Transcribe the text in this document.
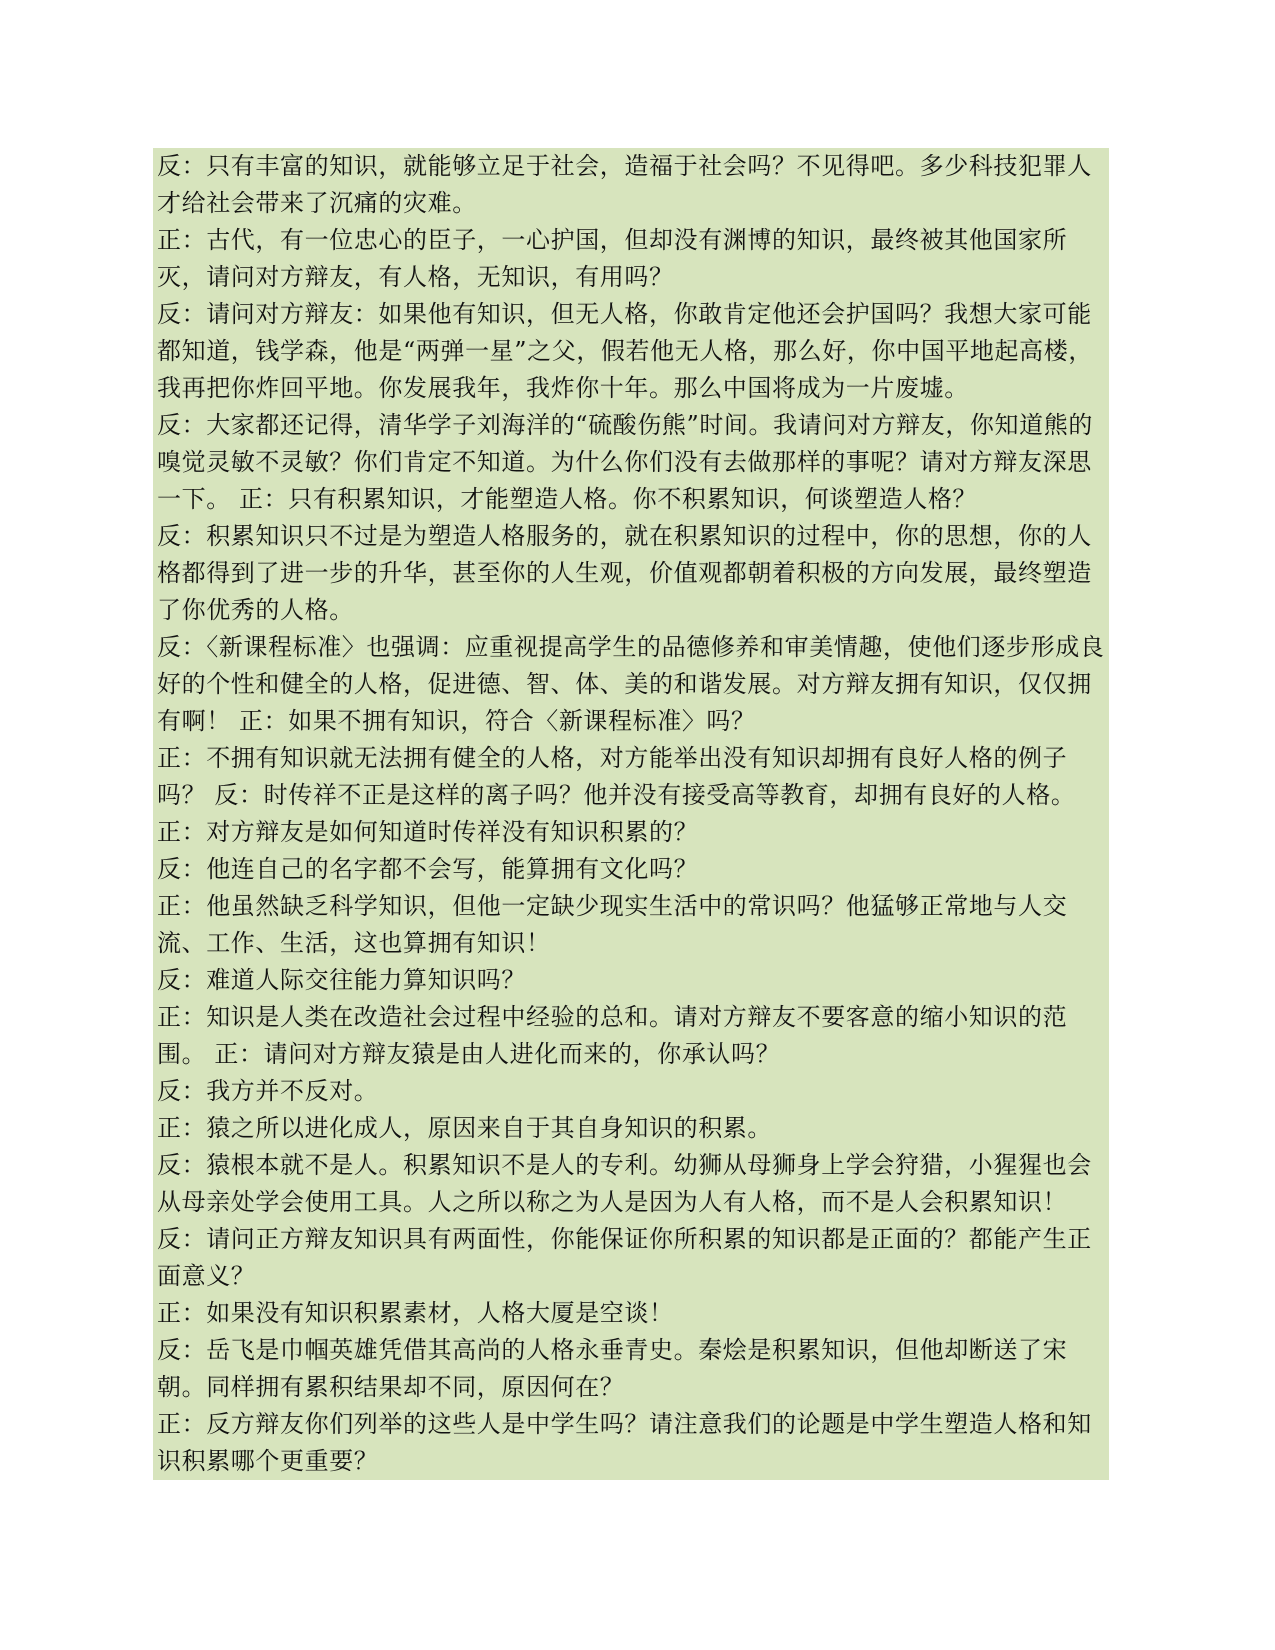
反：只有丰富的知识，就能够立足于社会，造福于社会吗？不见得吧。多少科技犯罪人才给社会带来了沉痛的灾难。

正：古代，有一位忠心的臣子，一心护国，但却没有渊博的知识，最终被其他国家所灭，请问对方辩友，有人格，无知识，有用吗？

反：请问对方辩友：如果他有知识，但无人格，你敢肯定他还会护国吗？我想大家可能都知道，钱学森，他是“两弹一星”之父，假若他无人格，那么好，你中国平地起高楼，我再把你炸回平地。你发展我年，我炸你十年。那么中国将成为一片废墟。

反：大家都还记得，清华学子刘海洋的“硫酸伤熊”时间。我请问对方辩友，你知道熊的嗅觉灵敏不灵敏？你们肯定不知道。为什么你们没有去做那样的事呢？请对方辩友深思一下。 正：只有积累知识，才能塑造人格。你不积累知识，何谈塑造人格？

反：积累知识只不过是为塑造人格服务的，就在积累知识的过程中，你的思想，你的人格都得到了进一步的升华，甚至你的人生观，价值观都朝着积极的方向发展，最终塑造了你优秀的人格。

反：〈新课程标准〉也强调：应重视提高学生的品德修养和审美情趣，使他们逐步形成良好的个性和健全的人格，促进德、智、体、美的和谐发展。对方辩友拥有知识，仅仅拥有啊！ 正：如果不拥有知识，符合〈新课程标准〉吗？

正：不拥有知识就无法拥有健全的人格，对方能举出没有知识却拥有良好人格的例子吗？ 反：时传祥不正是这样的离子吗？他并没有接受高等教育，却拥有良好的人格。

正：对方辩友是如何知道时传祥没有知识积累的？

反：他连自己的名字都不会写，能算拥有文化吗？

正：他虽然缺乏科学知识，但他一定缺少现实生活中的常识吗？他猛够正常地与人交流、工作、生活，这也算拥有知识！

反：难道人际交往能力算知识吗？

正：知识是人类在改造社会过程中经验的总和。请对方辩友不要客意的缩小知识的范围。 正：请问对方辩友猿是由人进化而来的，你承认吗？

反：我方并不反对。

正：猿之所以进化成人，原因来自于其自身知识的积累。

反：猿根本就不是人。积累知识不是人的专利。幼狮从母狮身上学会狩猎，小猩猩也会从母亲处学会使用工具。人之所以称之为人是因为人有人格，而不是人会积累知识！

反：请问正方辩友知识具有两面性，你能保证你所积累的知识都是正面的？都能产生正面意义？

正：如果没有知识积累素材，人格大厦是空谈！

反：岳飞是巾帼英雄凭借其高尚的人格永垂青史。秦烩是积累知识，但他却断送了宋朝。同样拥有累积结果却不同，原因何在？

正：反方辩友你们列举的这些人是中学生吗？请注意我们的论题是中学生塑造人格和知识积累哪个更重要？
